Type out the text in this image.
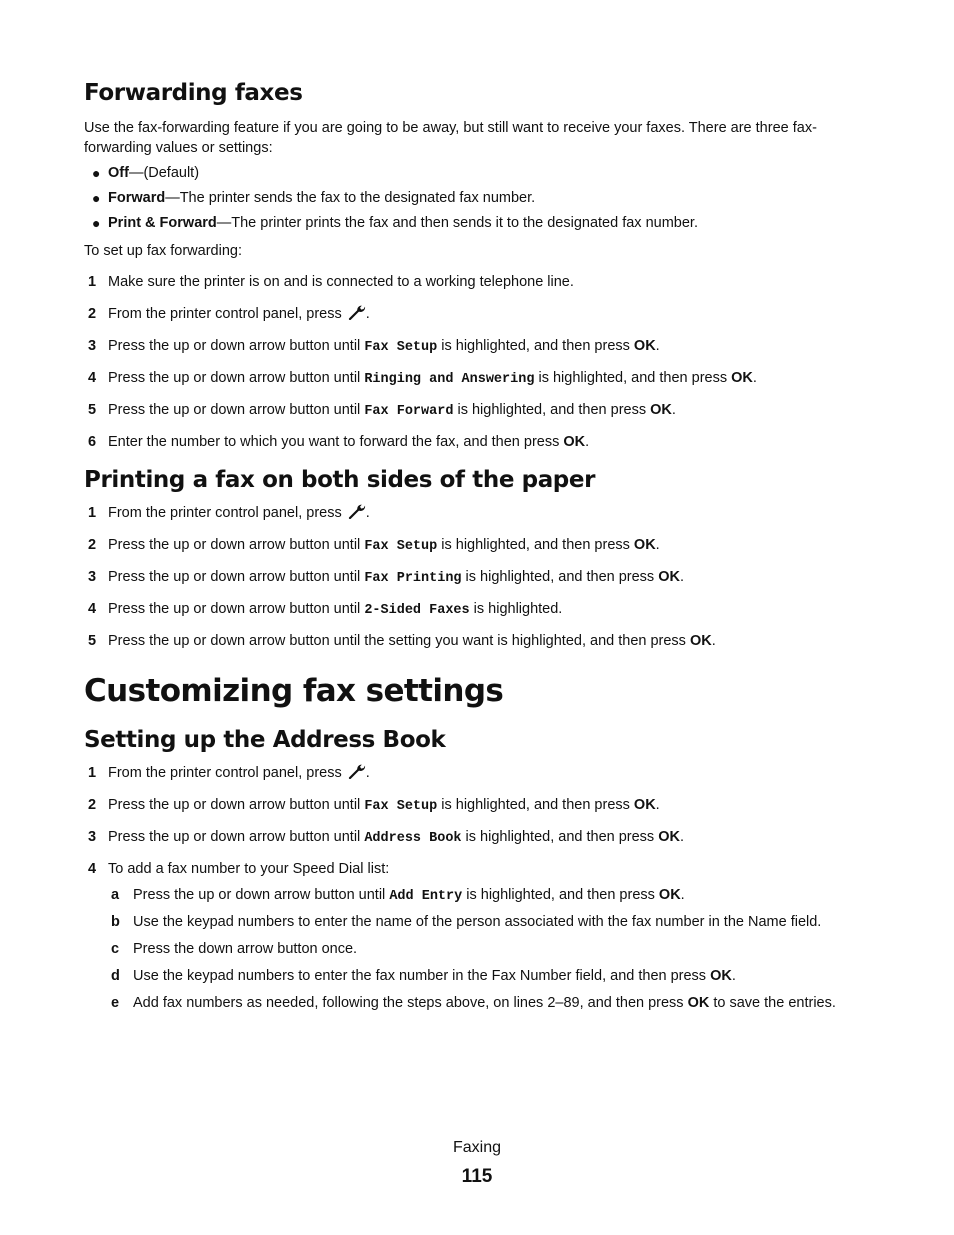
Forwarding faxes

Use the fax-forwarding feature if you are going to be away, but still want to receive your faxes. There are three fax-forwarding values or settings:

● Off—(Default)
● Forward—The printer sends the fax to the designated fax number.
● Print & Forward—The printer prints the fax and then sends it to the designated fax number.

To set up fax forwarding:

1 Make sure the printer is on and is connected to a working telephone line.
2 From the printer control panel, press .
3 Press the up or down arrow button until Fax Setup is highlighted, and then press OK.
4 Press the up or down arrow button until Ringing and Answering is highlighted, and then press OK.
5 Press the up or down arrow button until Fax Forward is highlighted, and then press OK.
6 Enter the number to which you want to forward the fax, and then press OK.
Printing a fax on both sides of the paper
1 From the printer control panel, press .
2 Press the up or down arrow button until Fax Setup is highlighted, and then press OK.
3 Press the up or down arrow button until Fax Printing is highlighted, and then press OK.
4 Press the up or down arrow button until 2-Sided Faxes is highlighted.
5 Press the up or down arrow button until the setting you want is highlighted, and then press OK.
Customizing fax settings
Setting up the Address Book
1 From the printer control panel, press .
2 Press the up or down arrow button until Fax Setup is highlighted, and then press OK.
3 Press the up or down arrow button until Address Book is highlighted, and then press OK.
4 To add a fax number to your Speed Dial list:
a Press the up or down arrow button until Add Entry is highlighted, and then press OK.
b Use the keypad numbers to enter the name of the person associated with the fax number in the Name field.
c Press the down arrow button once.
d Use the keypad numbers to enter the fax number in the Fax Number field, and then press OK.
e Add fax numbers as needed, following the steps above, on lines 2–89, and then press OK to save the entries.
Faxing
115
